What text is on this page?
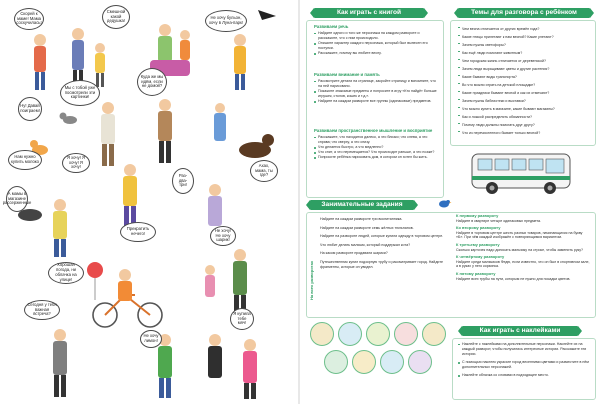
Скорей к маме! Мама соскучилась!
Смешной какой дедушка!
Не хочу бульон, хочу в Луна-парк!
Ну! Давай поиграем!
Мы с тобой уже посмотрели эти картинки!
Куда же мы идём, если не домой?
Нам нужно купить молоко
Я хочу! Я хочу! Я хочу!
А мамы в магазине рассерженные
Раз-два-три!
Ахах, мама, ты где?
Хорошая погода, ни облачка на улице!
Прекратить нечего!
Не хочу! Не хочу шарик!
Сегодня у тебя важная встреча?
Не хочу лимон!
Я купила тебе мяч!
Как играть с книгой
Развиваем речь
Найдите одного и того же персонажа на каждом развороте и расскажите, что с ним происходило.
Опишите характер каждого персонажа, который был вынесен его поступки.
Расскажите, почему вы любите весну.
Развиваем внимание и память
Рассмотрите детали на странице, закройте страницу и вспомните, что на ней нарисовано.
Покажите знакомые предметы и попросите в игру «Кто найдёт больше игрушек, столов, кошек и т.д.».
Найдите на каждом развороте все группы (одинаковые) предметов.
Развиваем пространственное мышление и восприятие
Расскажите, что находится далеко, а что близко; что слева, а что справа; что сверху, а что снизу.
Что делается быстро, а что медленно?
Что спит, а что перемещается? Что происходит раньше, а что позже?
Попросите ребёнка нарисовать дом, в котором он хотел бы жить.
Темы для разговора с ребёнком
Чем весна отличается от других времён года?
Какие птицы прилетают к нам весной? Какие улетают?
Зачем нужны светофоры?
Как ещё люди помогают животным?
Чем городская жизнь отличается от деревенской?
Зачем люди выращивают цветы и другие растения?
Какие бывают виды транспорта?
Во что можно играть на детской площадке?
Какие праздники бывают весной и как их отмечают?
Зачем нужны библиотеки и выставки?
Что можно купить в магазине, какие бывают магазины?
Как и ложкой распределять обязанности?
Почему люди должны помогать друг другу?
Что из перечисленного бывает только весной?
Занимательные задания
На всех разворотах
Найдите на каждом развороте три воспитанника.
Найдите на каждом развороте семь жёлтых тюльпанов.
Найдите на развороте людей, которые купили одежду в торговом центре.
Что любит делать мальчик, который поддержал кота?
На каком развороте продавали шарики?
Путешественник купил подзорную трубу и рассматривает город. Найдите фрагменты, которые он увидел.
К первому развороту
Найдите в квартире четыре одинаковых предмета.
Ко второму развороту
Найдите в торговом центре шесть разных товаров, начинающихся на букву «Б». При чём каждый изображён с повторяющимся вариантом.
К третьему развороту
Сколько карточек надо дописать мальчику на строке, чтобы заменить руку?
К четвёртому развороту
Найдите среди мальчиков Федю, если известно, что он был в спортивном зале, а в руках у него корзинка.
К пятому развороту
Найдите всех трубы на пути, которым не нужно для посадки цветов.
Как играть с наклейками
Наклейте с наклейками на дополнительные персонажи. Наклейте их на каждый разворот, чтобы получились интересные истории. Расскажите эти истории.
С помощью наклеек украсьте город весенними цветами и разместите в нём дополнительных персонажей.
Наклейте облачка со словами в подходящее место.
